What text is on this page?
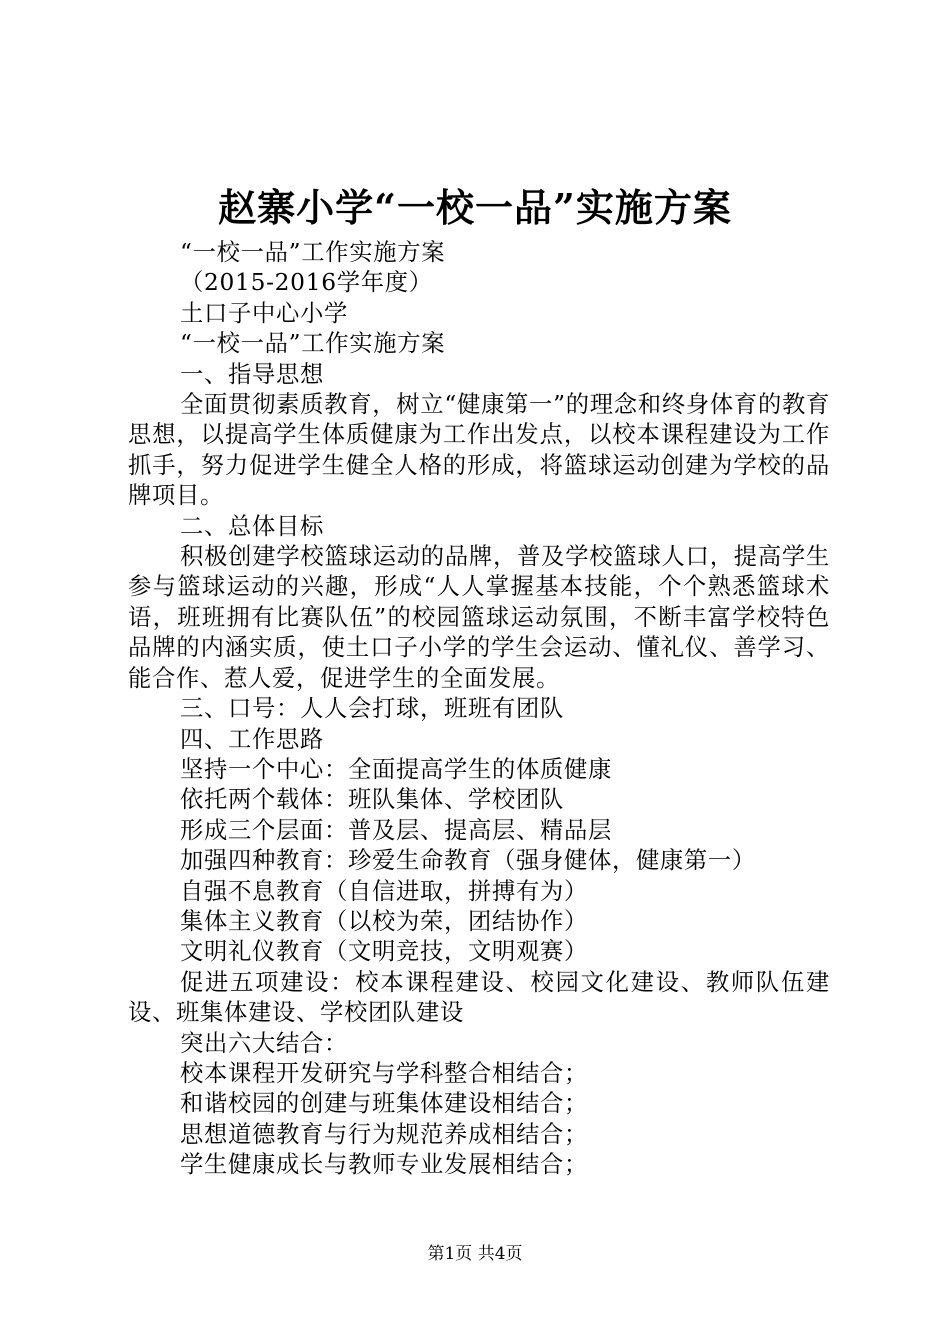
赵寨小学“一校一品”实施方案

“一校一品”工作实施方案

（2015-2016学年度）

土口子中心小学

“一校一品”工作实施方案

一、指导思想

全面贯彻素质教育，树立“健康第一”的理念和终身体育的教育思想，以提高学生体质健康为工作出发点，以校本课程建设为工作抓手，努力促进学生健全人格的形成，将篮球运动创建为学校的品牌项目。

二、总体目标

积极创建学校篮球运动的品牌，普及学校篮球人口，提高学生参与篮球运动的兴趣，形成“人人掌握基本技能，个个熟悉篮球术语，班班拥有比赛队伍”的校园篮球运动氛围，不断丰富学校特色品牌的内涵实质，使土口子小学的学生会运动、懂礼仪、善学习、能合作、惹人爱，促进学生的全面发展。

三、口号：人人会打球，班班有团队

四、工作思路

坚持一个中心：全面提高学生的体质健康

依托两个载体：班队集体、学校团队

形成三个层面：普及层、提高层、精品层

加强四种教育：珍爱生命教育（强身健体，健康第一）

自强不息教育（自信进取，拼搏有为）

集体主义教育（以校为荣，团结协作）

文明礼仪教育（文明竞技，文明观赛）

促进五项建设：校本课程建设、校园文化建设、教师队伍建设、班集体建设、学校团队建设

突出六大结合：

校本课程开发研究与学科整合相结合；

和谐校园的创建与班集体建设相结合；

思想道德教育与行为规范养成相结合；

学生健康成长与教师专业发展相结合；

第1页 共4页
